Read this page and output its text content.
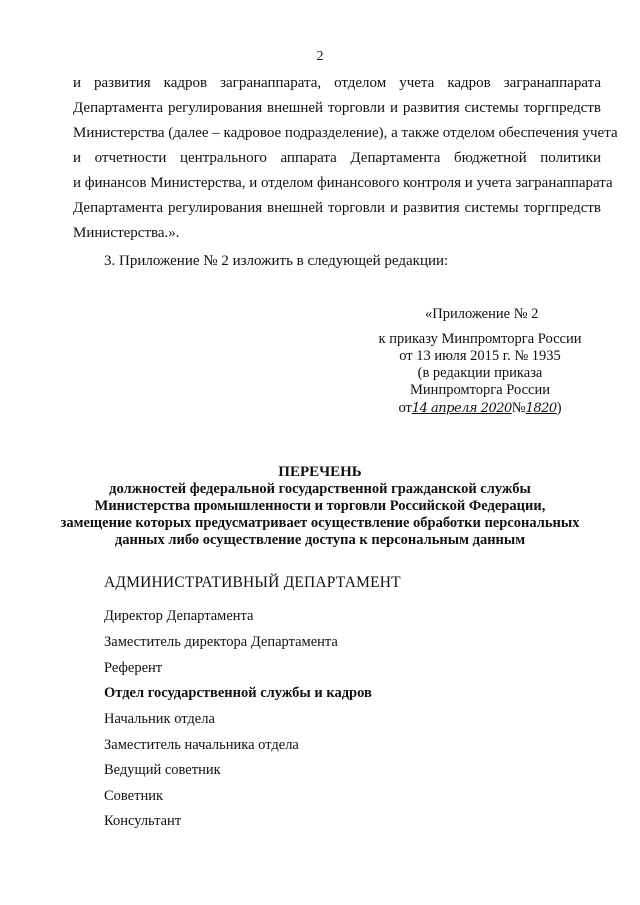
2
и развития кадров загранаппарата, отделом учета кадров загранаппарата
Департамента регулирования внешней торговли и развития системы торгпредств
Министерства (далее – кадровое подразделение), а также отделом обеспечения учета
и отчетности центрального аппарата Департамента бюджетной политики
и финансов Министерства, и отделом финансового контроля и учета загранаппарата
Департамента регулирования внешней торговли и развития системы торгпредств
Министерства.».
3. Приложение № 2 изложить в следующей редакции:
«Приложение № 2
к приказу Минпромторга России
от 13 июля 2015 г. № 1935
(в редакции приказа
Минпромторга России
от14 апреля 2020№1820)
ПЕРЕЧЕНЬ
должностей федеральной государственной гражданской службы
Министерства промышленности и торговли Российской Федерации,
замещение которых предусматривает осуществление обработки персональных
данных либо осуществление доступа к персональным данным
АДМИНИСТРАТИВНЫЙ ДЕПАРТАМЕНТ
Директор Департамента
Заместитель директора Департамента
Референт
Отдел государственной службы и кадров
Начальник отдела
Заместитель начальника отдела
Ведущий советник
Советник
Консультант
